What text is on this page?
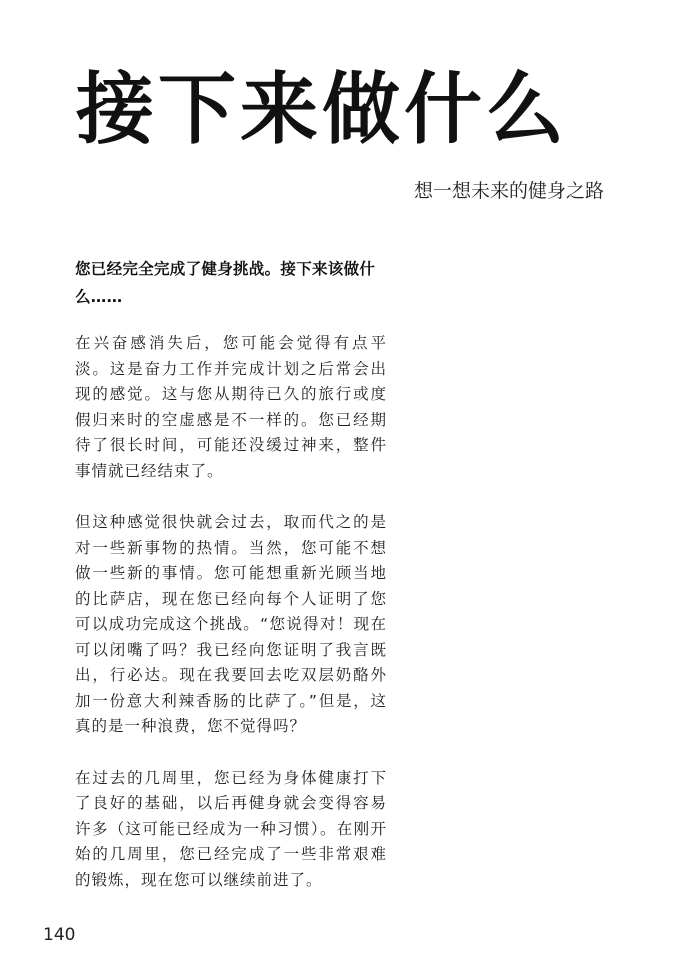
接下来做什么

想一想未来的健身之路

您已经完全完成了健身挑战。接下来该做什么……

在兴奋感消失后，您可能会觉得有点平淡。这是奋力工作并完成计划之后常会出现的感觉。这与您从期待已久的旅行或度假归来时的空虚感是不一样的。您已经期待了很长时间，可能还没缓过神来，整件事情就已经结束了。

但这种感觉很快就会过去，取而代之的是对一些新事物的热情。当然，您可能不想做一些新的事情。您可能想重新光顾当地的比萨店，现在您已经向每个人证明了您可以成功完成这个挑战。“您说得对！现在可以闭嘴了吗？我已经向您证明了我言既出，行必达。现在我要回去吃双层奶酪外加一份意大利辣香肠的比萨了。”但是，这真的是一种浪费，您不觉得吗？

在过去的几周里，您已经为身体健康打下了良好的基础，以后再健身就会变得容易许多（这可能已经成为一种习惯）。在刚开始的几周里，您已经完成了一些非常艰难的锻炼，现在您可以继续前进了。

140
